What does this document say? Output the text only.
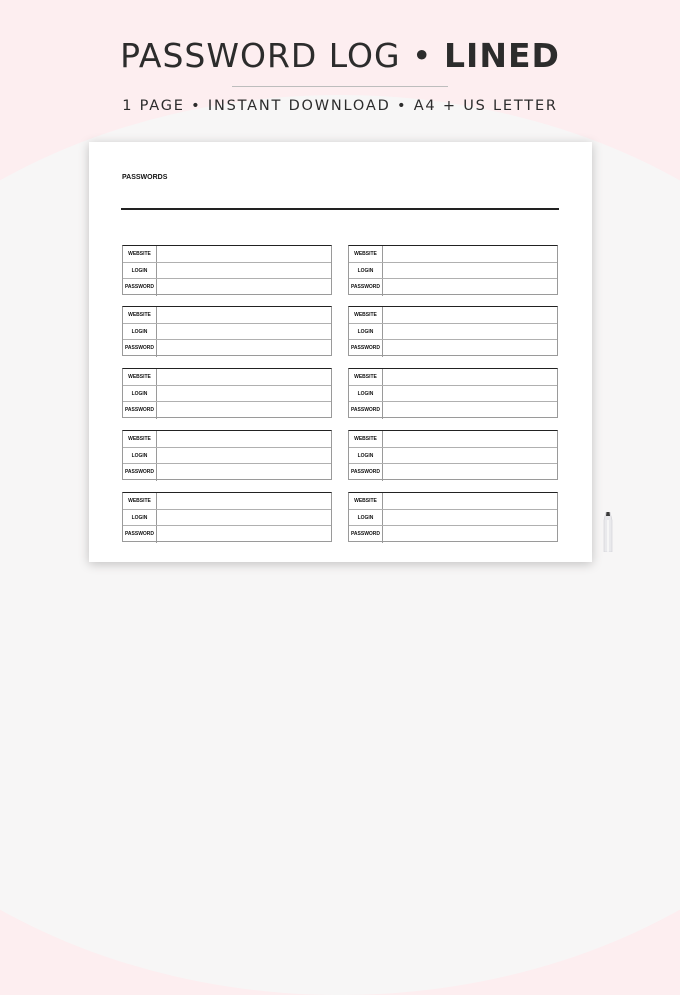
PASSWORD LOG • LINED
1 PAGE • INSTANT DOWNLOAD • A4 + US LETTER
PASSWORDS
WEBSITE
LOGIN
PASSWORD
WEBSITE
LOGIN
PASSWORD
WEBSITE
LOGIN
PASSWORD
WEBSITE
LOGIN
PASSWORD
WEBSITE
LOGIN
PASSWORD
WEBSITE
LOGIN
PASSWORD
WEBSITE
LOGIN
PASSWORD
WEBSITE
LOGIN
PASSWORD
WEBSITE
LOGIN
PASSWORD
WEBSITE
LOGIN
PASSWORD
